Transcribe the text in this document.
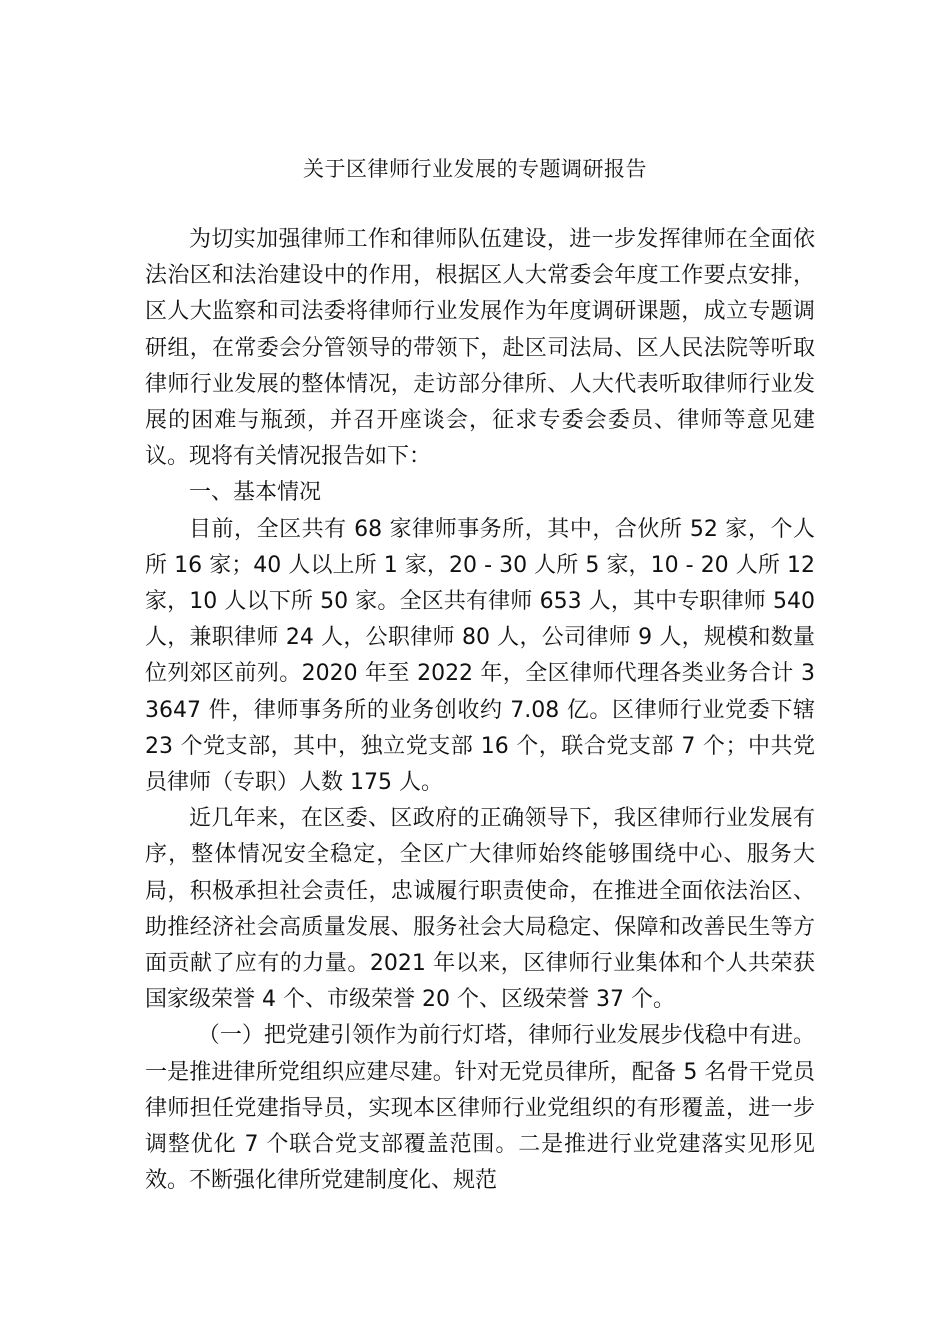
关于区律师行业发展的专题调研报告

为切实加强律师工作和律师队伍建设，进一步发挥律师在全面依法治区和法治建设中的作用，根据区人大常委会年度工作要点安排，区人大监察和司法委将律师行业发展作为年度调研课题，成立专题调研组，在常委会分管领导的带领下，赴区司法局、区人民法院等听取律师行业发展的整体情况，走访部分律所、人大代表听取律师行业发展的困难与瓶颈，并召开座谈会，征求专委会委员、律师等意见建议。现将有关情况报告如下：

一、基本情况

目前，全区共有 68 家律师事务所，其中，合伙所 52 家，个人所 16 家；40 人以上所 1 家，20 - 30 人所 5 家，10 - 20 人所 12 家，10 人以下所 50 家。全区共有律师 653 人，其中专职律师 540 人，兼职律师 24 人，公职律师 80 人，公司律师 9 人，规模和数量位列郊区前列。2020 年至 2022 年，全区律师代理各类业务合计 33647 件，律师事务所的业务创收约 7.08 亿。区律师行业党委下辖 23 个党支部，其中，独立党支部 16 个，联合党支部 7 个；中共党员律师（专职）人数 175 人。

近几年来，在区委、区政府的正确领导下，我区律师行业发展有序，整体情况安全稳定，全区广大律师始终能够围绕中心、服务大局，积极承担社会责任，忠诚履行职责使命，在推进全面依法治区、助推经济社会高质量发展、服务社会大局稳定、保障和改善民生等方面贡献了应有的力量。2021 年以来，区律师行业集体和个人共荣获国家级荣誉 4 个、市级荣誉 20 个、区级荣誉 37 个。

（一）把党建引领作为前行灯塔，律师行业发展步伐稳中有进。一是推进律所党组织应建尽建。针对无党员律所，配备 5 名骨干党员律师担任党建指导员，实现本区律师行业党组织的有形覆盖，进一步调整优化 7 个联合党支部覆盖范围。二是推进行业党建落实见形见效。不断强化律所党建制度化、规范
